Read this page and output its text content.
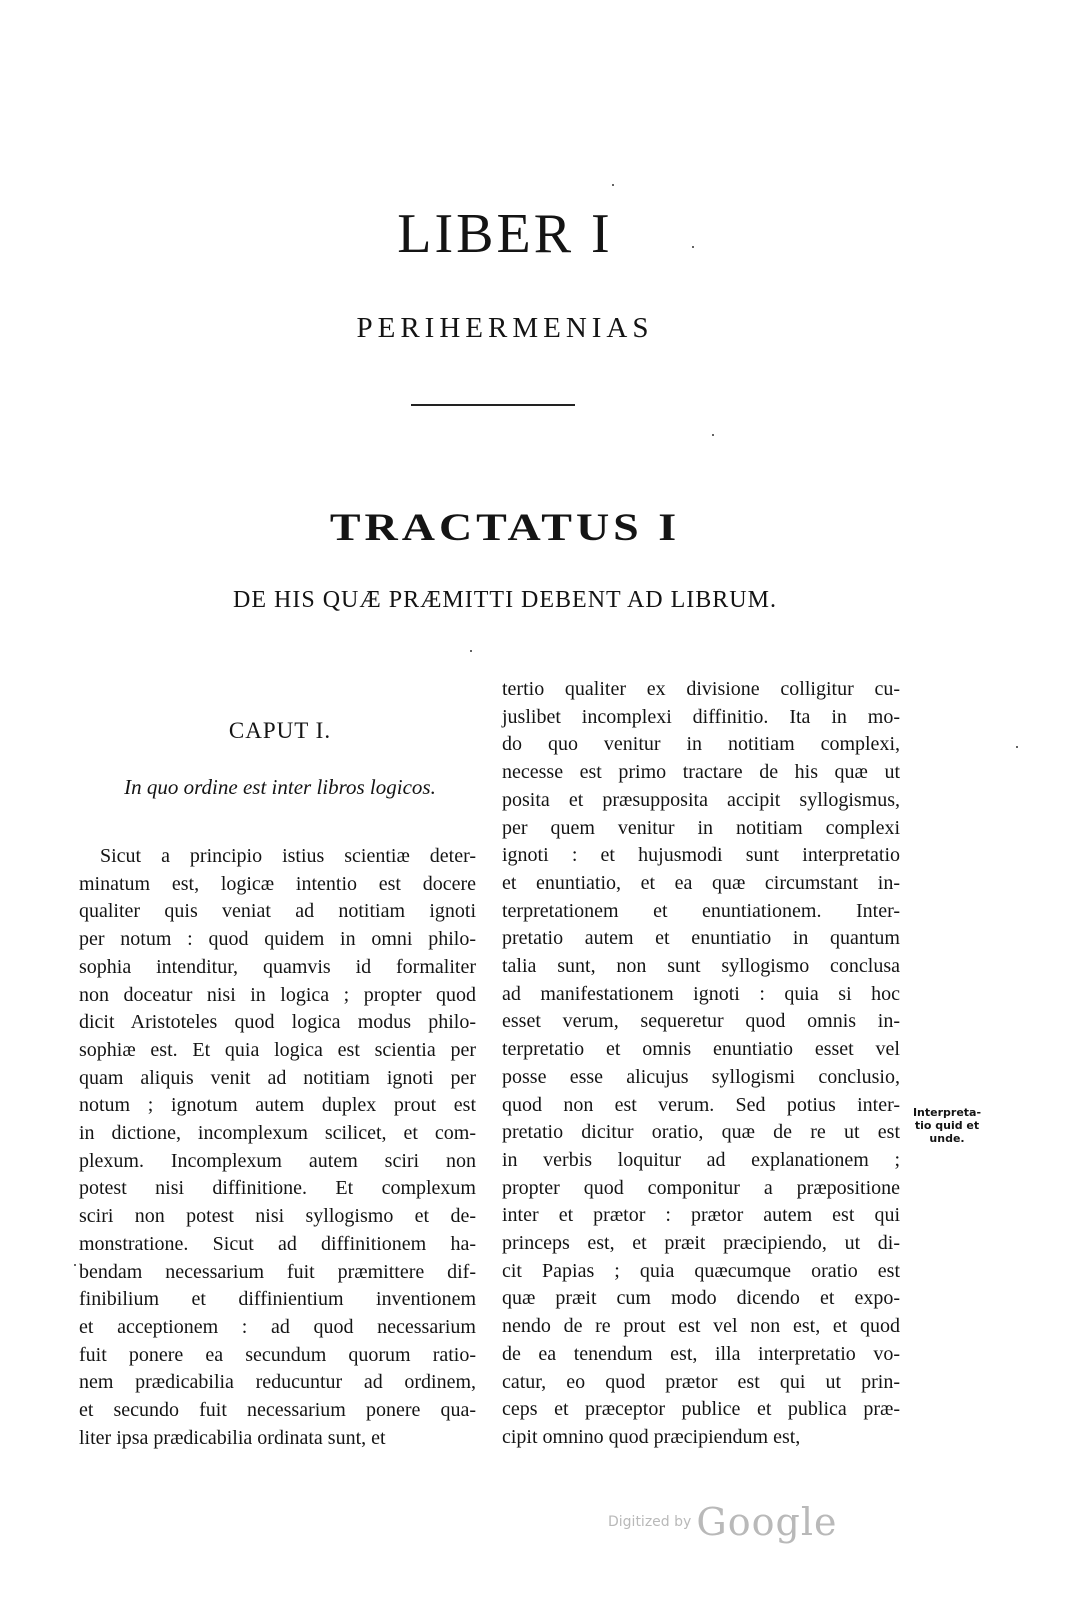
LIBER I
PERIHERMENIAS
TRACTATUS I
DE HIS QUÆ PRÆMITTI DEBENT AD LIBRUM.
CAPUT I.
In quo ordine est inter libros logicos.
Sicut a principio istius scientiæ deter-
minatum est, logicæ intentio est docere
qualiter quis veniat ad notitiam ignoti
per notum : quod quidem in omni philo-
sophia intenditur, quamvis id formaliter
non doceatur nisi in logica ; propter quod
dicit Aristoteles quod logica modus philo-
sophiæ est. Et quia logica est scientia per
quam aliquis venit ad notitiam ignoti per
notum ; ignotum autem duplex prout est
in dictione, incomplexum scilicet, et com-
plexum. Incomplexum autem sciri non
potest nisi diffinitione. Et complexum
sciri non potest nisi syllogismo et de-
monstratione. Sicut ad diffinitionem ha-
bendam necessarium fuit præmittere dif-
finibilium et diffinientium inventionem
et acceptionem : ad quod necessarium
fuit ponere ea secundum quorum ratio-
nem prædicabilia reducuntur ad ordinem,
et secundo fuit necessarium ponere qua-
liter ipsa prædicabilia ordinata sunt, et
tertio qualiter ex divisione colligitur cu-
juslibet incomplexi diffinitio. Ita in mo-
do quo venitur in notitiam complexi,
necesse est primo tractare de his quæ ut
posita et præsupposita accipit syllogismus,
per quem venitur in notitiam complexi
ignoti : et hujusmodi sunt interpretatio
et enuntiatio, et ea quæ circumstant in-
terpretationem et enuntiationem. Inter-
pretatio autem et enuntiatio in quantum
talia sunt, non sunt syllogismo conclusa
ad manifestationem ignoti : quia si hoc
esset verum, sequeretur quod omnis in-
terpretatio et omnis enuntiatio esset vel
posse esse alicujus syllogismi conclusio,
quod non est verum. Sed potius inter-
pretatio dicitur oratio, quæ de re ut est
in verbis loquitur ad explanationem ;
propter quod componitur a præpositione
inter et prætor : prætor autem est qui
princeps est, et præit præcipiendo, ut di-
cit Papias ; quia quæcumque oratio est
quæ præit cum modo dicendo et expo-
nendo de re prout est vel non est, et quod
de ea tenendum est, illa interpretatio vo-
catur, eo quod prætor est qui ut prin-
ceps et præceptor publice et publica præ-
cipit omnino quod præcipiendum est,
Interpreta-
tio quid et
unde.
Digitized by Google
